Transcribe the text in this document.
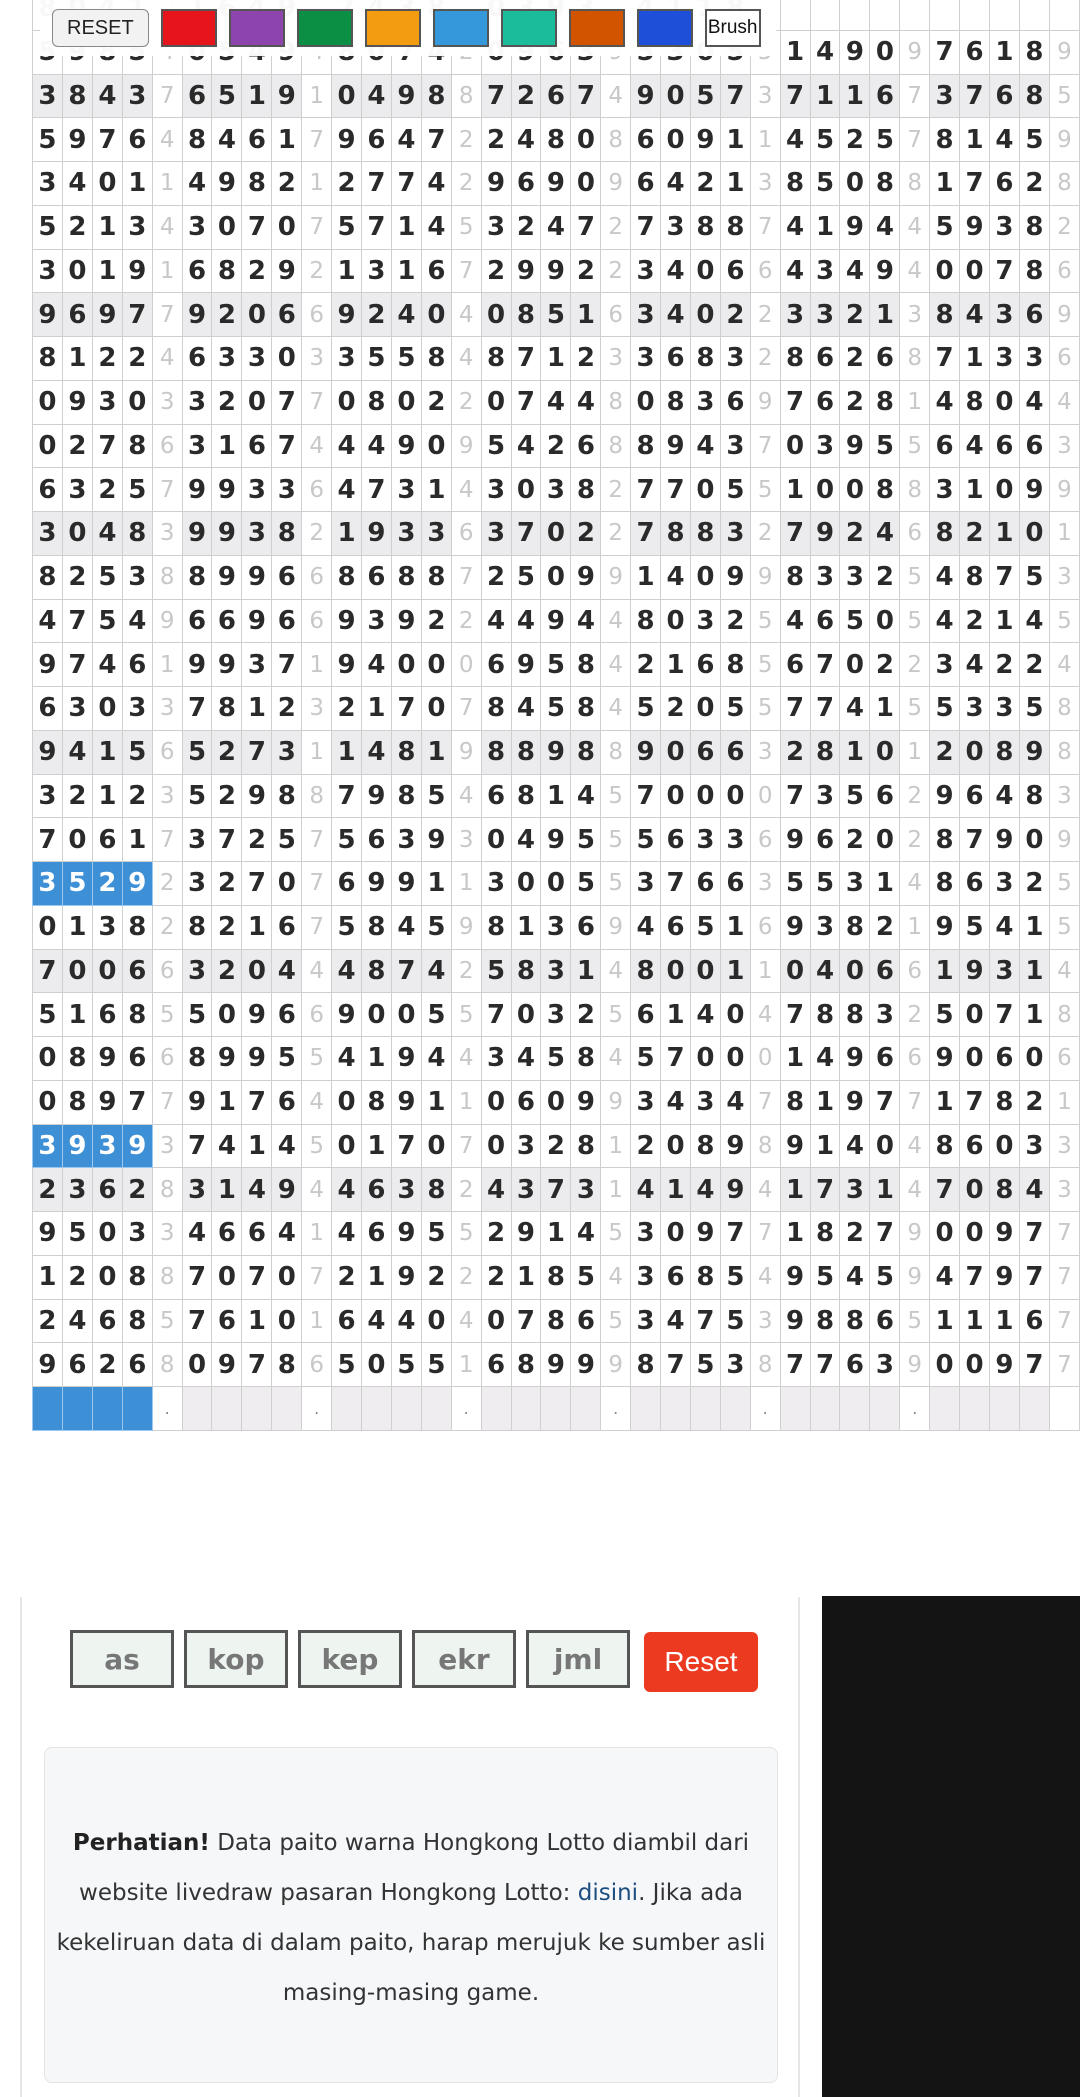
																									1	4	9	0	9	7	6	1	8	9
3	8	4	3	7	6	5	1	9	1	0	4	9	8	8	7	2	6	7	4	9	0	5	7	3	7	1	1	6	7	3	7	6	8	5
5	9	7	6	4	8	4	6	1	7	9	6	4	7	2	2	4	8	0	8	6	0	9	1	1	4	5	2	5	7	8	1	4	5	9
3	4	0	1	1	4	9	8	2	1	2	7	7	4	2	9	6	9	0	9	6	4	2	1	3	8	5	0	8	8	1	7	6	2	8
5	2	1	3	4	3	0	7	0	7	5	7	1	4	5	3	2	4	7	2	7	3	8	8	7	4	1	9	4	4	5	9	3	8	2
3	0	1	9	1	6	8	2	9	2	1	3	1	6	7	2	9	9	2	2	3	4	0	6	6	4	3	4	9	4	0	0	7	8	6
9	6	9	7	7	9	2	0	6	6	9	2	4	0	4	0	8	5	1	6	3	4	0	2	2	3	3	2	1	3	8	4	3	6	9
8	1	2	2	4	6	3	3	0	3	3	5	5	8	4	8	7	1	2	3	3	6	8	3	2	8	6	2	6	8	7	1	3	3	6
0	9	3	0	3	3	2	0	7	7	0	8	0	2	2	0	7	4	4	8	0	8	3	6	9	7	6	2	8	1	4	8	0	4	4
0	2	7	8	6	3	1	6	7	4	4	4	9	0	9	5	4	2	6	8	8	9	4	3	7	0	3	9	5	5	6	4	6	6	3
6	3	2	5	7	9	9	3	3	6	4	7	3	1	4	3	0	3	8	2	7	7	0	5	5	1	0	0	8	8	3	1	0	9	9
3	0	4	8	3	9	9	3	8	2	1	9	3	3	6	3	7	0	2	2	7	8	8	3	2	7	9	2	4	6	8	2	1	0	1
8	2	5	3	8	8	9	9	6	6	8	6	8	8	7	2	5	0	9	9	1	4	0	9	9	8	3	3	2	5	4	8	7	5	3
4	7	5	4	9	6	6	9	6	6	9	3	9	2	2	4	4	9	4	4	8	0	3	2	5	4	6	5	0	5	4	2	1	4	5
9	7	4	6	1	9	9	3	7	1	9	4	0	0	0	6	9	5	8	4	2	1	6	8	5	6	7	0	2	2	3	4	2	2	4
6	3	0	3	3	7	8	1	2	3	2	1	7	0	7	8	4	5	8	4	5	2	0	5	5	7	7	4	1	5	5	3	3	5	8
9	4	1	5	6	5	2	7	3	1	1	4	8	1	9	8	8	9	8	8	9	0	6	6	3	2	8	1	0	1	2	0	8	9	8
3	2	1	2	3	5	2	9	8	8	7	9	8	5	4	6	8	1	4	5	7	0	0	0	0	7	3	5	6	2	9	6	4	8	3
7	0	6	1	7	3	7	2	5	7	5	6	3	9	3	0	4	9	5	5	5	6	3	3	6	9	6	2	0	2	8	7	9	0	9
3	5	2	9	2	3	2	7	0	7	6	9	9	1	1	3	0	0	5	5	3	7	6	6	3	5	5	3	1	4	8	6	3	2	5
0	1	3	8	2	8	2	1	6	7	5	8	4	5	9	8	1	3	6	9	4	6	5	1	6	9	3	8	2	1	9	5	4	1	5
7	0	0	6	6	3	2	0	4	4	4	8	7	4	2	5	8	3	1	4	8	0	0	1	1	0	4	0	6	6	1	9	3	1	4
5	1	6	8	5	5	0	9	6	6	9	0	0	5	5	7	0	3	2	5	6	1	4	0	4	7	8	8	3	2	5	0	7	1	8
0	8	9	6	6	8	9	9	5	5	4	1	9	4	4	3	4	5	8	4	5	7	0	0	0	1	4	9	6	6	9	0	6	0	6
0	8	9	7	7	9	1	7	6	4	0	8	9	1	1	0	6	0	9	9	3	4	3	4	7	8	1	9	7	7	1	7	8	2	1
3	9	3	9	3	7	4	1	4	5	0	1	7	0	7	0	3	2	8	1	2	0	8	9	8	9	1	4	0	4	8	6	0	3	3
2	3	6	2	8	3	1	4	9	4	4	6	3	8	2	4	3	7	3	1	4	1	4	9	4	1	7	3	1	4	7	0	8	4	3
9	5	0	3	3	4	6	6	4	1	4	6	9	5	5	2	9	1	4	5	3	0	9	7	7	1	8	2	7	9	0	0	9	7	7
1	2	0	8	8	7	0	7	0	7	2	1	9	2	2	2	1	8	5	4	3	6	8	5	4	9	5	4	5	9	4	7	9	7	7
2	4	6	8	5	7	6	1	0	1	6	4	4	0	4	0	7	8	6	5	3	4	7	5	3	9	8	8	6	5	1	1	1	6	7
9	6	2	6	8	0	9	7	8	6	5	0	5	5	1	6	8	9	9	9	8	7	5	3	8	7	7	6	3	9	0	0	9	7	7
				.					.					.					.					.					.					
RESET	Brush
as	kop	kep	ekr	jml	Reset
Perhatian! Data paito warna Hongkong Lotto diambil dari website livedraw pasaran Hongkong Lotto: disini. Jika ada kekeliruan data di dalam paito, harap merujuk ke sumber asli masing-masing game.
